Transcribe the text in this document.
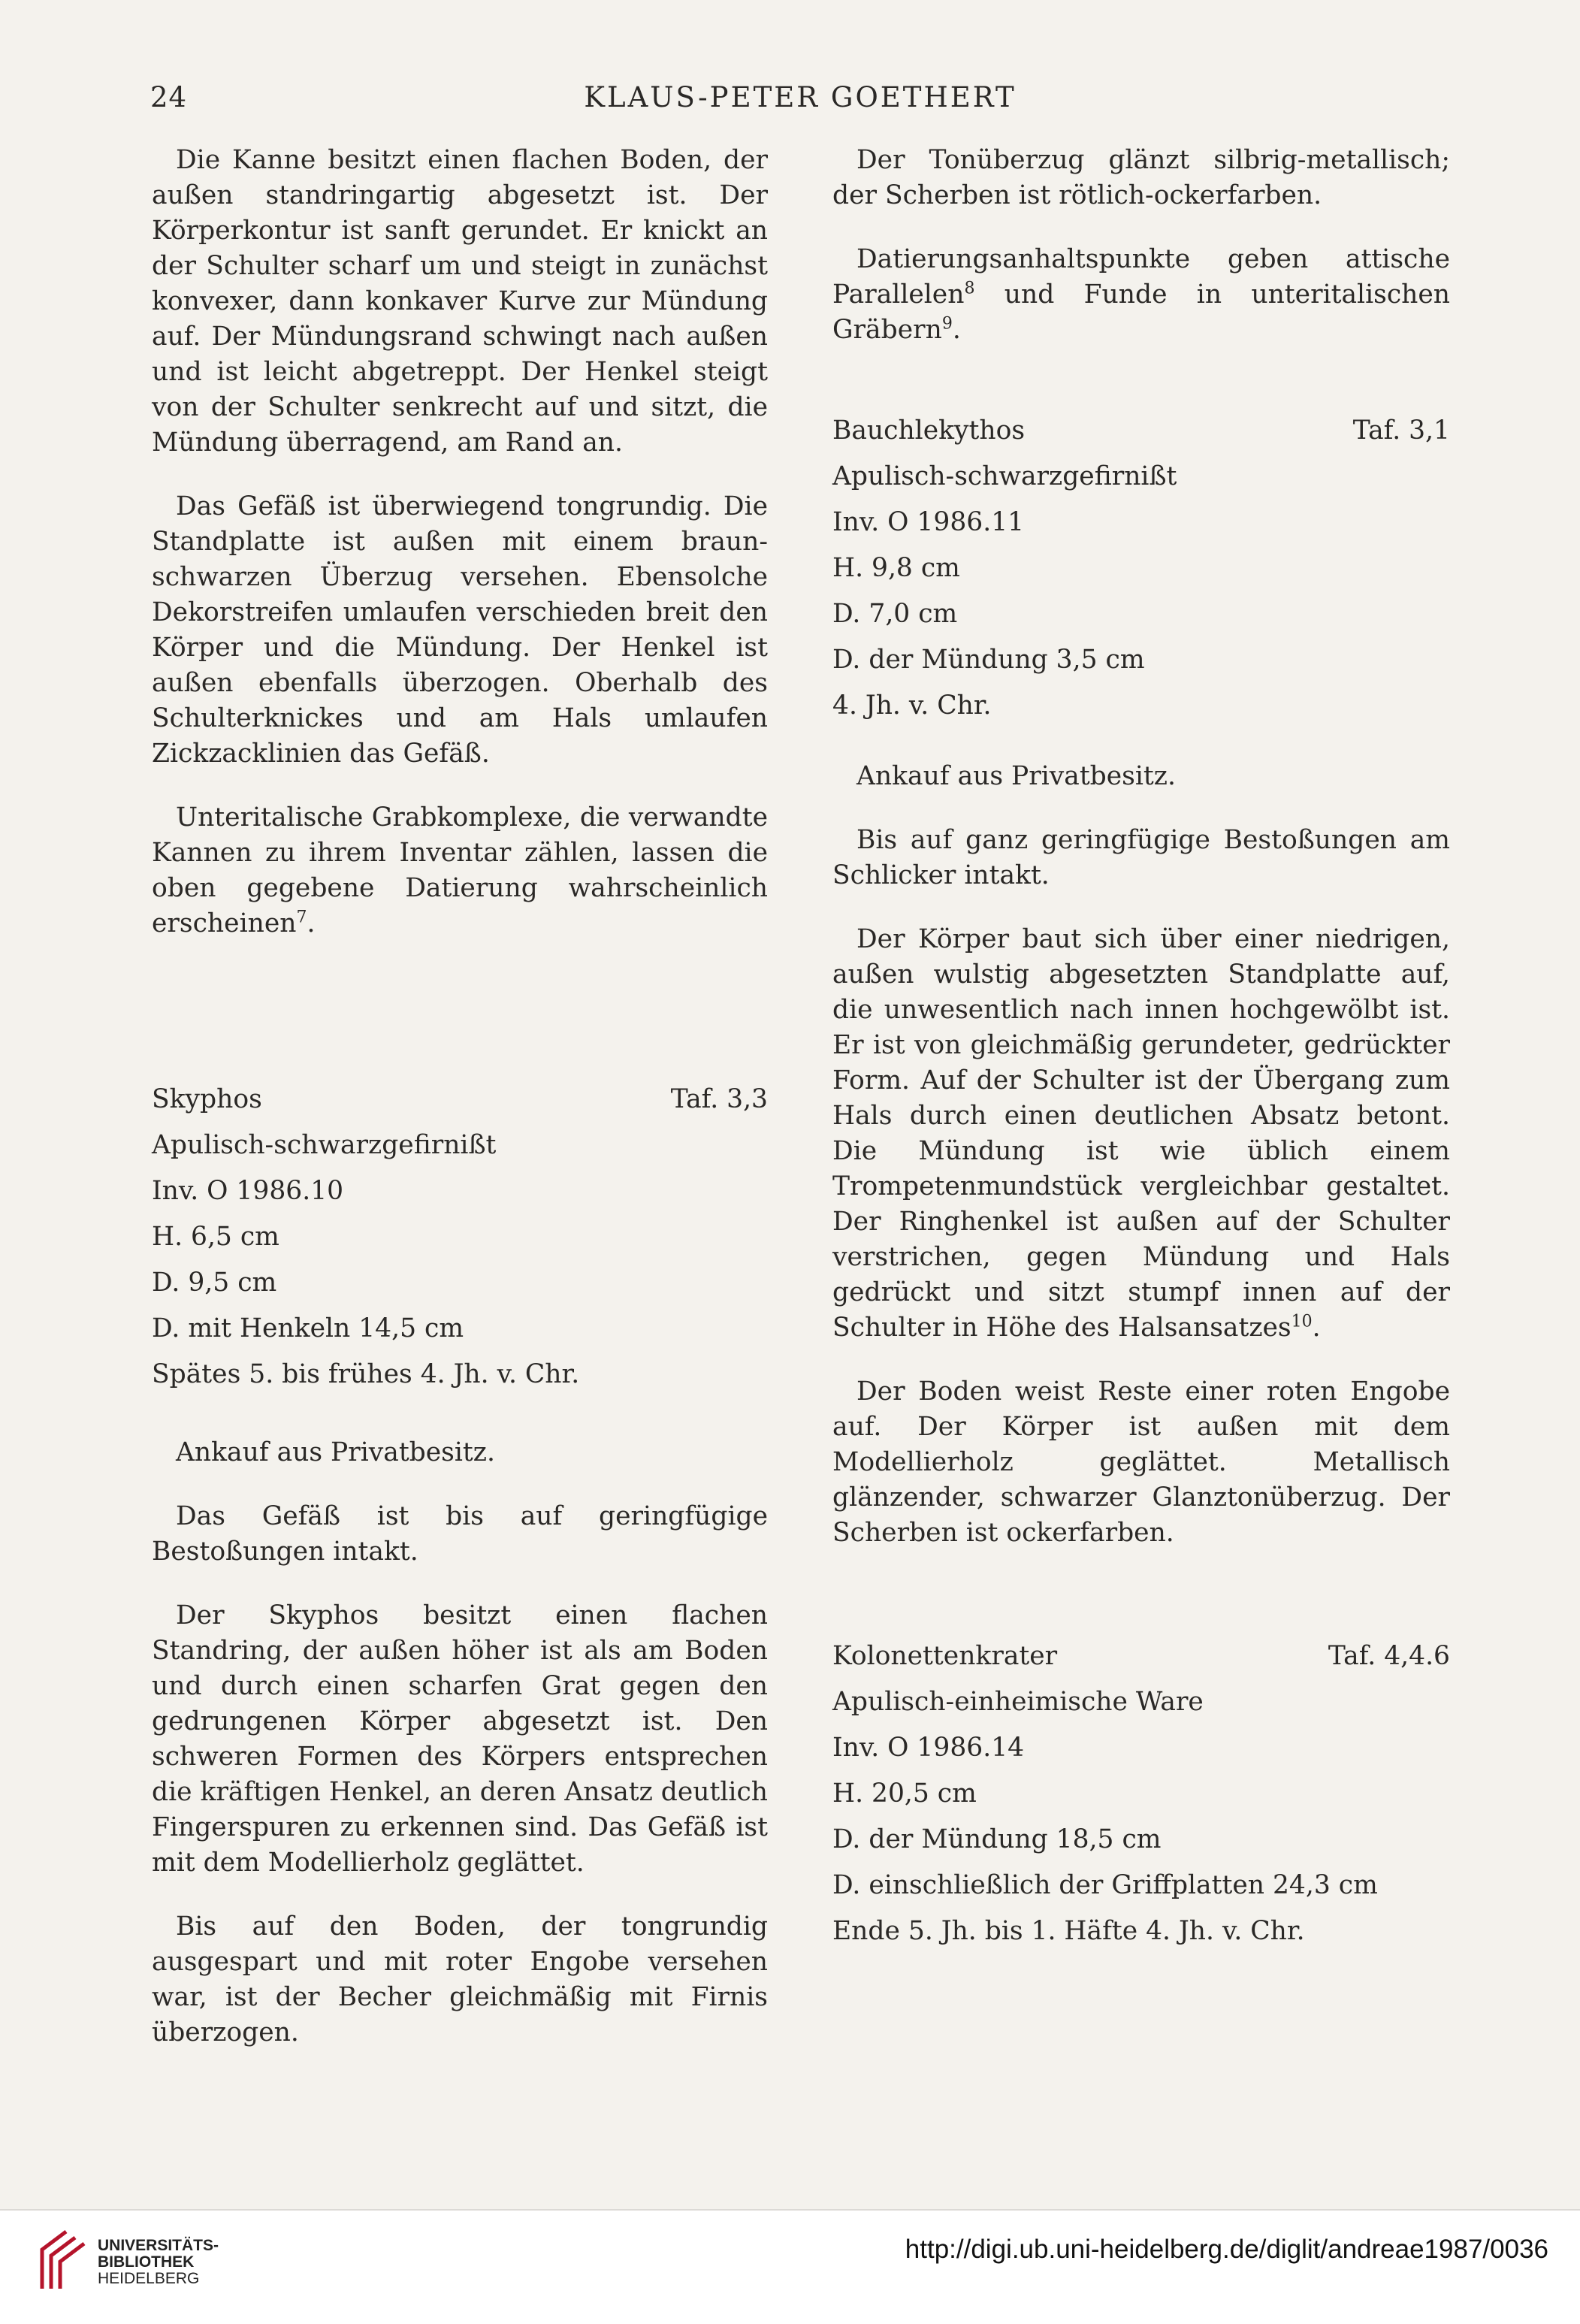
24	KLAUS-PETER GOETHERT

Die Kanne besitzt einen flachen Boden, der außen standringartig abgesetzt ist. Der Körperkontur ist sanft gerundet. Er knickt an der Schulter scharf um und steigt in zunächst konvexer, dann konkaver Kurve zur Mündung auf. Der Mündungsrand schwingt nach außen und ist leicht abgetreppt. Der Henkel steigt von der Schulter senkrecht auf und sitzt, die Mündung überragend, am Rand an.

Das Gefäß ist überwiegend tongrundig. Die Standplatte ist außen mit einem braun-schwarzen Überzug versehen. Ebensolche Dekorstreifen umlaufen verschieden breit den Körper und die Mündung. Der Henkel ist außen ebenfalls überzogen. Oberhalb des Schulterknickes und am Hals umlaufen Zickzacklinien das Gefäß.

Unteritalische Grabkomplexe, die verwandte Kannen zu ihrem Inventar zählen, lassen die oben gegebene Datierung wahrscheinlich erscheinen$^7$.

Skyphos	Taf. 3,3

Apulisch-schwarzgefirnißt

Inv. O 1986.10

H. 6,5 cm

D. 9,5 cm

D. mit Henkeln 14,5 cm

Spätes 5. bis frühes 4. Jh. v. Chr.

Ankauf aus Privatbesitz.

Das Gefäß ist bis auf geringfügige Bestoßungen intakt.

Der Skyphos besitzt einen flachen Standring, der außen höher ist als am Boden und durch einen scharfen Grat gegen den gedrungenen Körper abgesetzt ist. Den schweren Formen des Körpers entsprechen die kräftigen Henkel, an deren Ansatz deutlich Fingerspuren zu erkennen sind. Das Gefäß ist mit dem Modellierholz geglättet.

Bis auf den Boden, der tongrundig ausgespart und mit roter Engobe versehen war, ist der Becher gleichmäßig mit Firnis überzogen.

Der Tonüberzug glänzt silbrig-metallisch; der Scherben ist rötlich-ockerfarben.

Datierungsanhaltspunkte geben attische Parallelen$^8$ und Funde in unteritalischen Gräbern$^9$.

Bauchlekythos	Taf. 3,1

Apulisch-schwarzgefirnißt

Inv. O 1986.11

H. 9,8 cm

D. 7,0 cm

D. der Mündung 3,5 cm

4. Jh. v. Chr.

Ankauf aus Privatbesitz.

Bis auf ganz geringfügige Bestoßungen am Schlicker intakt.

Der Körper baut sich über einer niedrigen, außen wulstig abgesetzten Standplatte auf, die unwesentlich nach innen hochgewölbt ist. Er ist von gleichmäßig gerundeter, gedrückter Form. Auf der Schulter ist der Übergang zum Hals durch einen deutlichen Absatz betont. Die Mündung ist wie üblich einem Trompetenmundstück vergleichbar gestaltet. Der Ringhenkel ist außen auf der Schulter verstrichen, gegen Mündung und Hals gedrückt und sitzt stumpf innen auf der Schulter in Höhe des Halsansatzes$^{10}$.

Der Boden weist Reste einer roten Engobe auf. Der Körper ist außen mit dem Modellierholz geglättet. Metallisch glänzender, schwarzer Glanztonüberzug. Der Scherben ist ockerfarben.

Kolonettenkrater	Taf. 4,4.6

Apulisch-einheimische Ware

Inv. O 1986.14

H. 20,5 cm

D. der Mündung 18,5 cm

D. einschließlich der Griffplatten 24,3 cm

Ende 5. Jh. bis 1. Häfte 4. Jh. v. Chr.

UNIVERSITÄTS-
BIBLIOTHEK
HEIDELBERG
http://digi.ub.uni-heidelberg.de/diglit/andreae1987/0036
